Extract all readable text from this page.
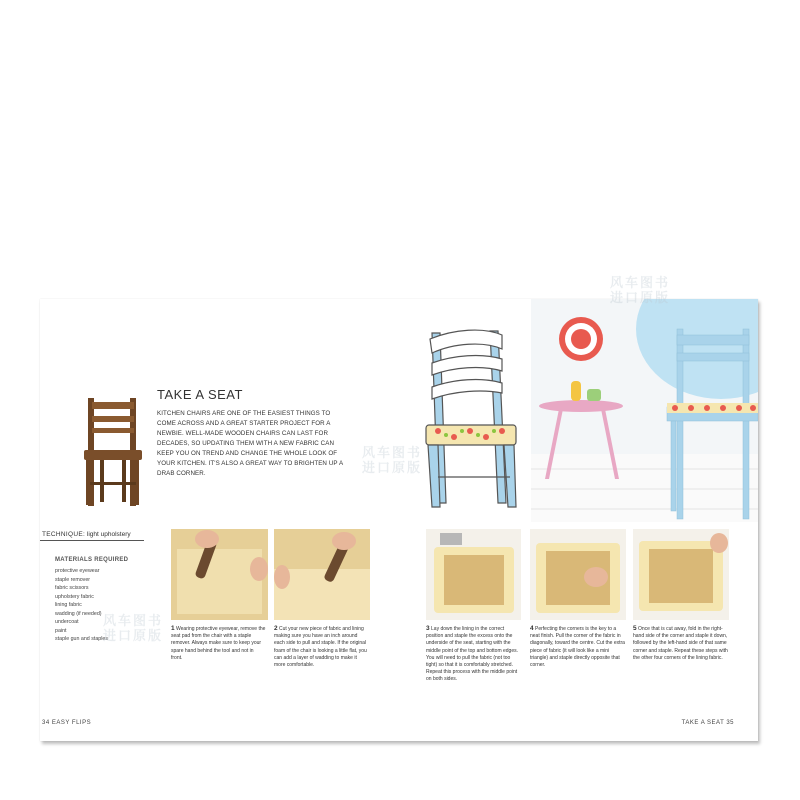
TAKE A SEAT
KITCHEN CHAIRS ARE ONE OF THE EASIEST THINGS TO COME ACROSS AND A GREAT STARTER PROJECT FOR A NEWBIE. WELL-MADE WOODEN CHAIRS CAN LAST FOR DECADES, SO UPDATING THEM WITH A NEW FABRIC CAN KEEP YOU ON TREND AND CHANGE THE WHOLE LOOK OF YOUR KITCHEN. IT'S ALSO A GREAT WAY TO BRIGHTEN UP A DRAB CORNER.
TECHNIQUE: light upholstery
MATERIALS REQUIRED
protective eyewear
staple remover
fabric scissors
upholstery fabric
lining fabric
wadding (if needed)
undercoat
paint
staple gun and staples
1 Wearing protective eyewear, remove the seat pad from the chair with a staple remover. Always make sure to keep your spare hand behind the tool and not in front.
2 Cut your new piece of fabric and lining making sure you have an inch around each side to pull and staple. If the original foam of the chair is looking a little flat, you can add a layer of wadding to make it more comfortable.
3 Lay down the lining in the correct position and staple the excess onto the underside of the seat, starting with the middle point of the top and bottom edges. You will need to pull the fabric (not too tight) so that it is comfortably stretched. Repeat this process with the middle point on both sides.
4 Perfecting the corners is the key to a neat finish. Pull the corner of the fabric in diagonally, toward the centre. Cut the extra piece of fabric (it will look like a mini triangle) and staple directly opposite that corner.
5 Once that is cut away, fold in the right-hand side of the corner and staple it down, followed by the left-hand side of that same corner and staple. Repeat these steps with the other four corners of the lining fabric.
34 EASY FLIPS	TAKE A SEAT 35
风车图书
进口原版
风车图书
进口原版
风车图书
进口原版
